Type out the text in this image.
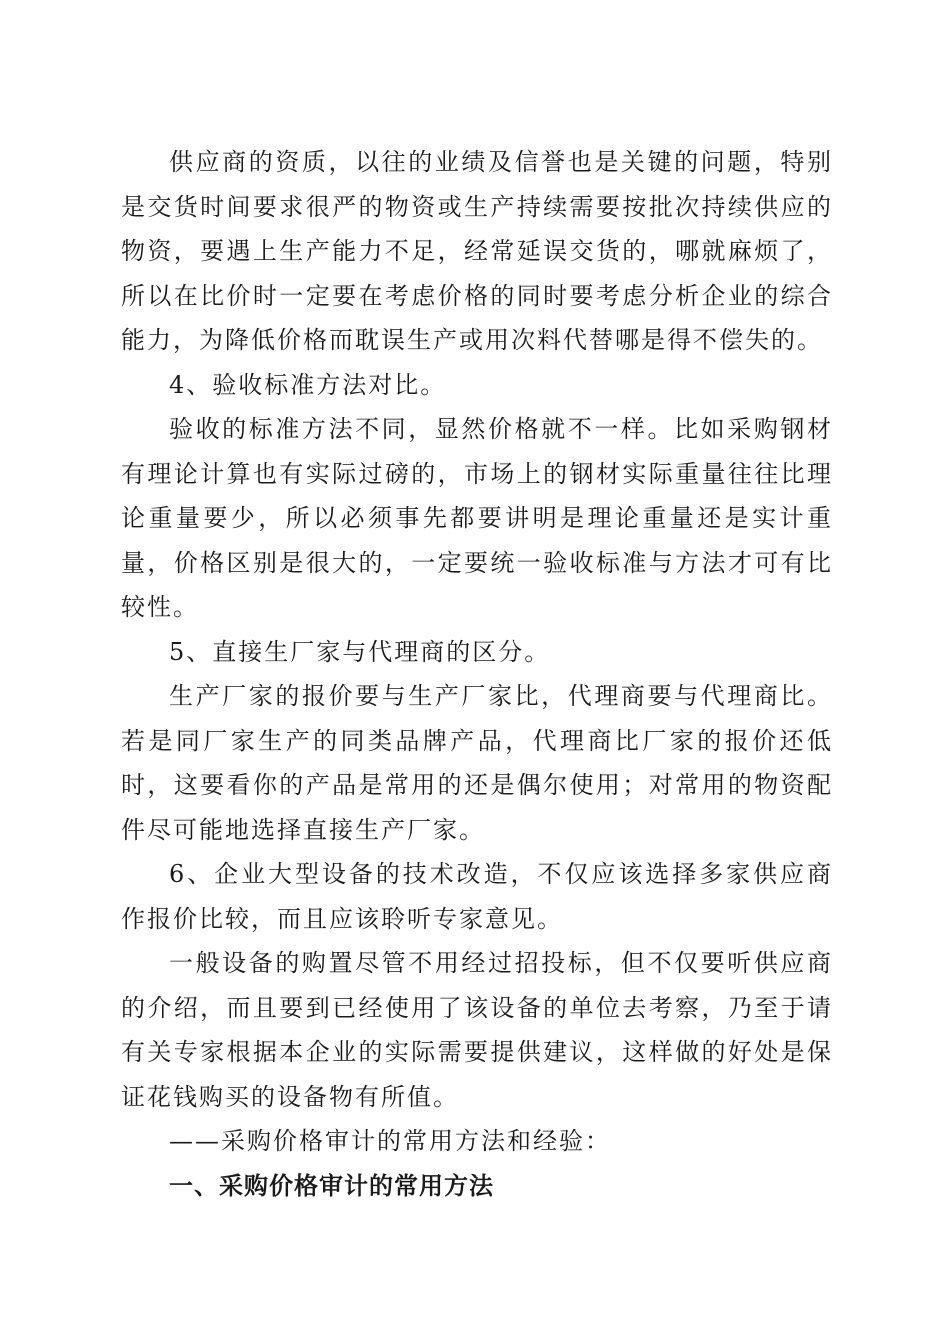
供应商的资质，以往的业绩及信誉也是关键的问题，特别是交货时间要求很严的物资或生产持续需要按批次持续供应的物资，要遇上生产能力不足，经常延误交货的，哪就麻烦了，所以在比价时一定要在考虑价格的同时要考虑分析企业的综合能力，为降低价格而耽误生产或用次料代替哪是得不偿失的。

4、验收标准方法对比。

验收的标准方法不同，显然价格就不一样。比如采购钢材有理论计算也有实际过磅的，市场上的钢材实际重量往往比理论重量要少，所以必须事先都要讲明是理论重量还是实计重量，价格区别是很大的，一定要统一验收标准与方法才可有比较性。

5、直接生厂家与代理商的区分。

生产厂家的报价要与生产厂家比，代理商要与代理商比。若是同厂家生产的同类品牌产品，代理商比厂家的报价还低时，这要看你的产品是常用的还是偶尔使用；对常用的物资配件尽可能地选择直接生产厂家。

6、企业大型设备的技术改造，不仅应该选择多家供应商作报价比较，而且应该聆听专家意见。

一般设备的购置尽管不用经过招投标，但不仅要听供应商的介绍，而且要到已经使用了该设备的单位去考察，乃至于请有关专家根据本企业的实际需要提供建议，这样做的好处是保证花钱购买的设备物有所值。

——采购价格审计的常用方法和经验：

一、采购价格审计的常用方法
